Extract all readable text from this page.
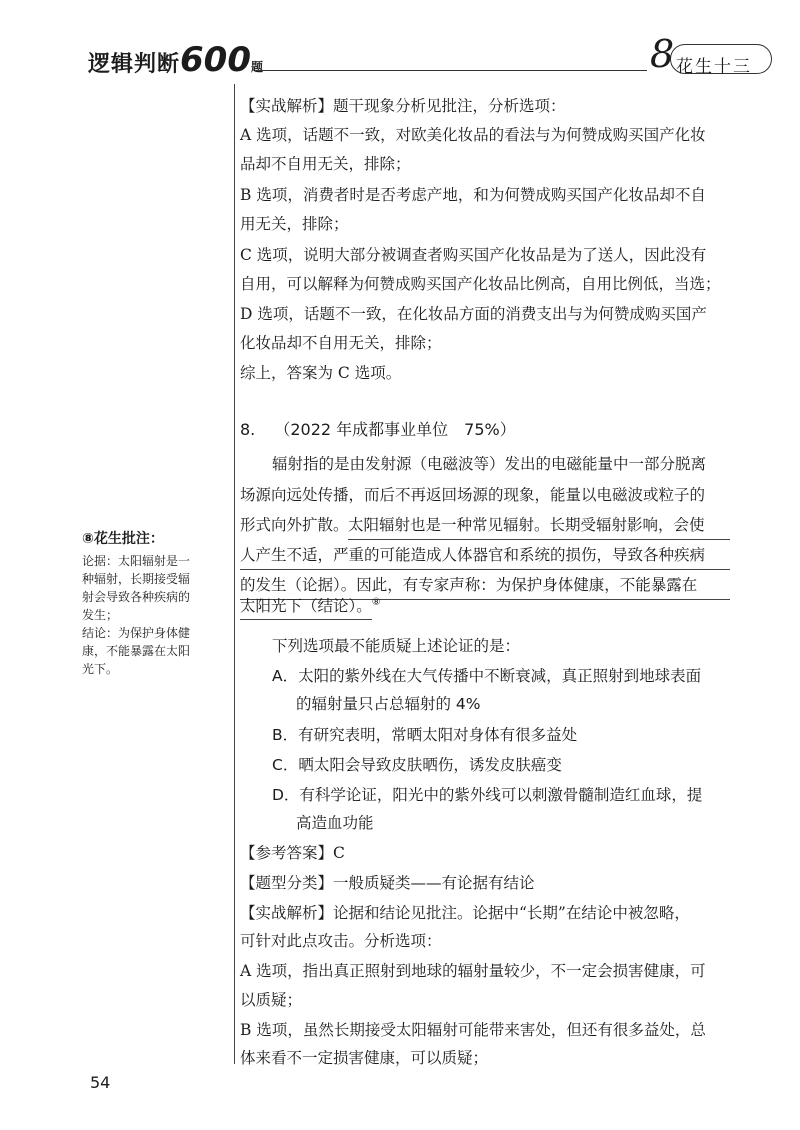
逻辑判断600题	8 花生十三
【实战解析】题干现象分析见批注，分析选项：
A 选项，话题不一致，对欧美化妆品的看法与为何赞成购买国产化妆
品却不自用无关，排除；
B 选项，消费者时是否考虑产地，和为何赞成购买国产化妆品却不自
用无关，排除；
C 选项，说明大部分被调查者购买国产化妆品是为了送人，因此没有
自用，可以解释为何赞成购买国产化妆品比例高，自用比例低，当选；
D 选项，话题不一致，在化妆品方面的消费支出与为何赞成购买国产
化妆品却不自用无关，排除；
综上，答案为 C 选项。
8. （2022 年成都事业单位　75%）
辐射指的是由发射源（电磁波等）发出的电磁能量中一部分脱离
场源向远处传播，而后不再返回场源的现象，能量以电磁波或粒子的
形式向外扩散。 太阳辐射也是一种常见辐射。长期受辐射影响，会使
人产生不适，严重的可能造成人体器官和系统的损伤，导致各种疾病
的发生（论据）。因此，有专家声称：为保护身体健康，不能暴露在
太阳光下（结论）。⑧
下列选项最不能质疑上述论证的是：
A．太阳的紫外线在大气传播中不断衰减，真正照射到地球表面
的辐射量只占总辐射的 4%
B．有研究表明，常晒太阳对身体有很多益处
C．晒太阳会导致皮肤晒伤，诱发皮肤癌变
D．有科学论证，阳光中的紫外线可以刺激骨髓制造红血球，提
高造血功能
【参考答案】C
【题型分类】一般质疑类——有论据有结论
【实战解析】论据和结论见批注。论据中“长期”在结论中被忽略，
可针对此点攻击。分析选项：
A 选项，指出真正照射到地球的辐射量较少，不一定会损害健康，可
以质疑；
B 选项，虽然长期接受太阳辐射可能带来害处，但还有很多益处，总
体来看不一定损害健康，可以质疑；
⑧花生批注：
论据：太阳辐射是一
种辐射，长期接受辐
射会导致各种疾病的
发生；
结论：为保护身体健
康，不能暴露在太阳
光下。
54
